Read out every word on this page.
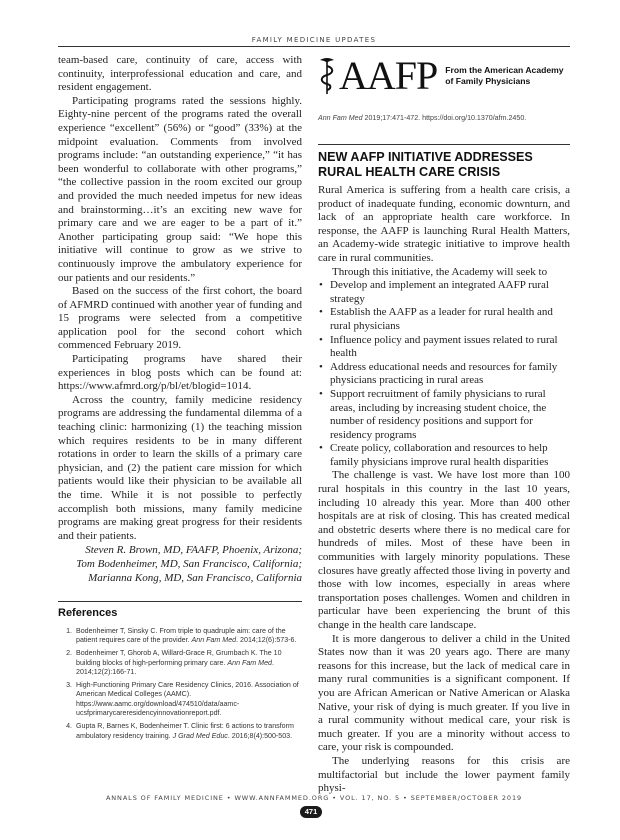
FAMILY MEDICINE UPDATES

team-based care, continuity of care, access with continuity, interprofessional education and care, and resident engagement.

Participating programs rated the sessions highly. Eighty-nine percent of the programs rated the overall experience “excellent” (56%) or “good” (33%) at the midpoint evaluation. Comments from involved programs include: “an outstanding experience,” “it has been wonderful to collaborate with other programs,” “the collective passion in the room excited our group and provided the much needed impetus for new ideas and brainstorming…it’s an exciting new wave for primary care and we are eager to be a part of it.” Another participating group said: “We hope this initiative will continue to grow as we strive to continuously improve the ambulatory experience for our patients and our residents.”

Based on the success of the first cohort, the board of AFMRD continued with another year of funding and 15 programs were selected from a competitive application pool for the second cohort which commenced February 2019.

Participating programs have shared their experiences in blog posts which can be found at: https://www.afmrd.org/p/bl/et/blogid=1014.

Across the country, family medicine residency programs are addressing the fundamental dilemma of a teaching clinic: harmonizing (1) the teaching mission which requires residents to be in many different rotations in order to learn the skills of a primary care physician, and (2) the patient care mission for which patients would like their physician to be available all the time. While it is not possible to perfectly accomplish both missions, many family medicine programs are making great progress for their residents and their patients.

Steven R. Brown, MD, FAAFP, Phoenix, Arizona;
Tom Bodenheimer, MD, San Francisco, California;
Marianna Kong, MD, San Francisco, California

References
1. Bodenheimer T, Sinsky C. From triple to quadruple aim: care of the patient requires care of the provider. Ann Fam Med. 2014;12(6):573-6.
2. Bodenheimer T, Ghorob A, Willard-Grace R, Grumbach K. The 10 building blocks of high-performing primary care. Ann Fam Med. 2014;12(2):166-71.
3. High-Functioning Primary Care Residency Clinics, 2016. Association of American Medical Colleges (AAMC). https://www.aamc.org/download/474510/data/aamc-ucsfprimarycareresidencyinnovationreport.pdf.
4. Gupta R, Barnes K, Bodenheimer T. Clinic first: 6 actions to transform ambulatory residency training. J Grad Med Educ. 2016;8(4):500-503.
AAFP From the American Academy
of Family Physicians
Ann Fam Med 2019;17:471-472. https://doi.org/10.1370/afm.2450.
NEW AAFP INITIATIVE ADDRESSES RURAL HEALTH CARE CRISIS

Rural America is suffering from a health care crisis, a product of inadequate funding, economic downturn, and lack of an appropriate health care workforce. In response, the AAFP is launching Rural Health Matters, an Academy-wide strategic initiative to improve health care in rural communities.

Through this initiative, the Academy will seek to

• Develop and implement an integrated AAFP rural strategy
• Establish the AAFP as a leader for rural health and rural physicians
• Influence policy and payment issues related to rural health
• Address educational needs and resources for family physicians practicing in rural areas
• Support recruitment of family physicians to rural areas, including by increasing student choice, the number of residency positions and support for residency programs
• Create policy, collaboration and resources to help family physicians improve rural health disparities

The challenge is vast. We have lost more than 100 rural hospitals in this country in the last 10 years, including 10 already this year. More than 400 other hospitals are at risk of closing. This has created medical and obstetric deserts where there is no medical care for hundreds of miles. Most of these have been in communities with largely minority populations. These closures have greatly affected those living in poverty and those with low incomes, especially in areas where transportation poses challenges. Women and children in particular have been experiencing the brunt of this change in the health care landscape.

It is more dangerous to deliver a child in the United States now than it was 20 years ago. There are many reasons for this increase, but the lack of medical care in many rural communities is a significant component. If you are African American or Native American or Alaska Native, your risk of dying is much greater. If you live in a rural community without medical care, your risk is much greater. If you are a minority without access to care, your risk is compounded.

The underlying reasons for this crisis are multifactorial but include the lower payment family physi-

ANNALS OF FAMILY MEDICINE • WWW.ANNFAMMED.ORG • VOL. 17, NO. 5 • SEPTEMBER/OCTOBER 2019
471
